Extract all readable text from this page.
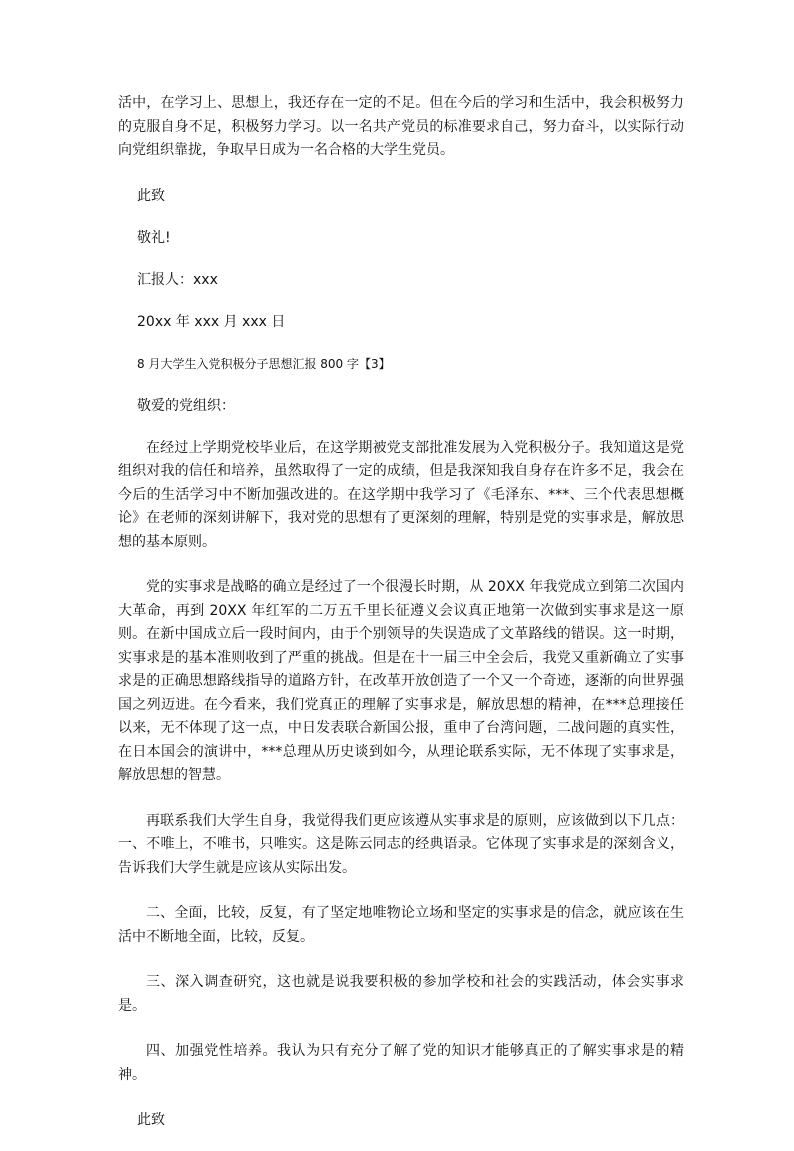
活中，在学习上、思想上，我还存在一定的不足。但在今后的学习和生活中，我会积极努力的克服自身不足，积极努力学习。以一名共产党员的标准要求自己，努力奋斗，以实际行动向党组织靠拢，争取早日成为一名合格的大学生党员。

此致

敬礼!

汇报人：xxx

20xx 年 xxx 月 xxx 日

8 月大学生入党积极分子思想汇报 800 字【3】

敬爱的党组织：

在经过上学期党校毕业后，在这学期被党支部批准发展为入党积极分子。我知道这是党组织对我的信任和培养，虽然取得了一定的成绩，但是我深知我自身存在许多不足，我会在今后的生活学习中不断加强改进的。在这学期中我学习了《毛泽东、***、三个代表思想概论》在老师的深刻讲解下，我对党的思想有了更深刻的理解，特别是党的实事求是，解放思想的基本原则。

党的实事求是战略的确立是经过了一个很漫长时期，从 20XX 年我党成立到第二次国内大革命，再到 20XX 年红军的二万五千里长征遵义会议真正地第一次做到实事求是这一原则。在新中国成立后一段时间内，由于个别领导的失误造成了文革路线的错误。这一时期，实事求是的基本准则收到了严重的挑战。但是在十一届三中全会后，我党又重新确立了实事求是的正确思想路线指导的道路方针，在改革开放创造了一个又一个奇迹，逐渐的向世界强国之列迈进。在今看来，我们党真正的理解了实事求是，解放思想的精神，在***总理接任以来，无不体现了这一点，中日发表联合新国公报，重申了台湾问题，二战问题的真实性，在日本国会的演讲中，***总理从历史谈到如今，从理论联系实际，无不体现了实事求是，解放思想的智慧。

再联系我们大学生自身，我觉得我们更应该遵从实事求是的原则，应该做到以下几点：一、不唯上，不唯书，只唯实。这是陈云同志的经典语录。它体现了实事求是的深刻含义，告诉我们大学生就是应该从实际出发。

二、全面，比较，反复，有了坚定地唯物论立场和坚定的实事求是的信念，就应该在生活中不断地全面，比较，反复。

三、深入调查研究，这也就是说我要积极的参加学校和社会的实践活动，体会实事求是。

四、加强党性培养。我认为只有充分了解了党的知识才能够真正的了解实事求是的精神。

此致
